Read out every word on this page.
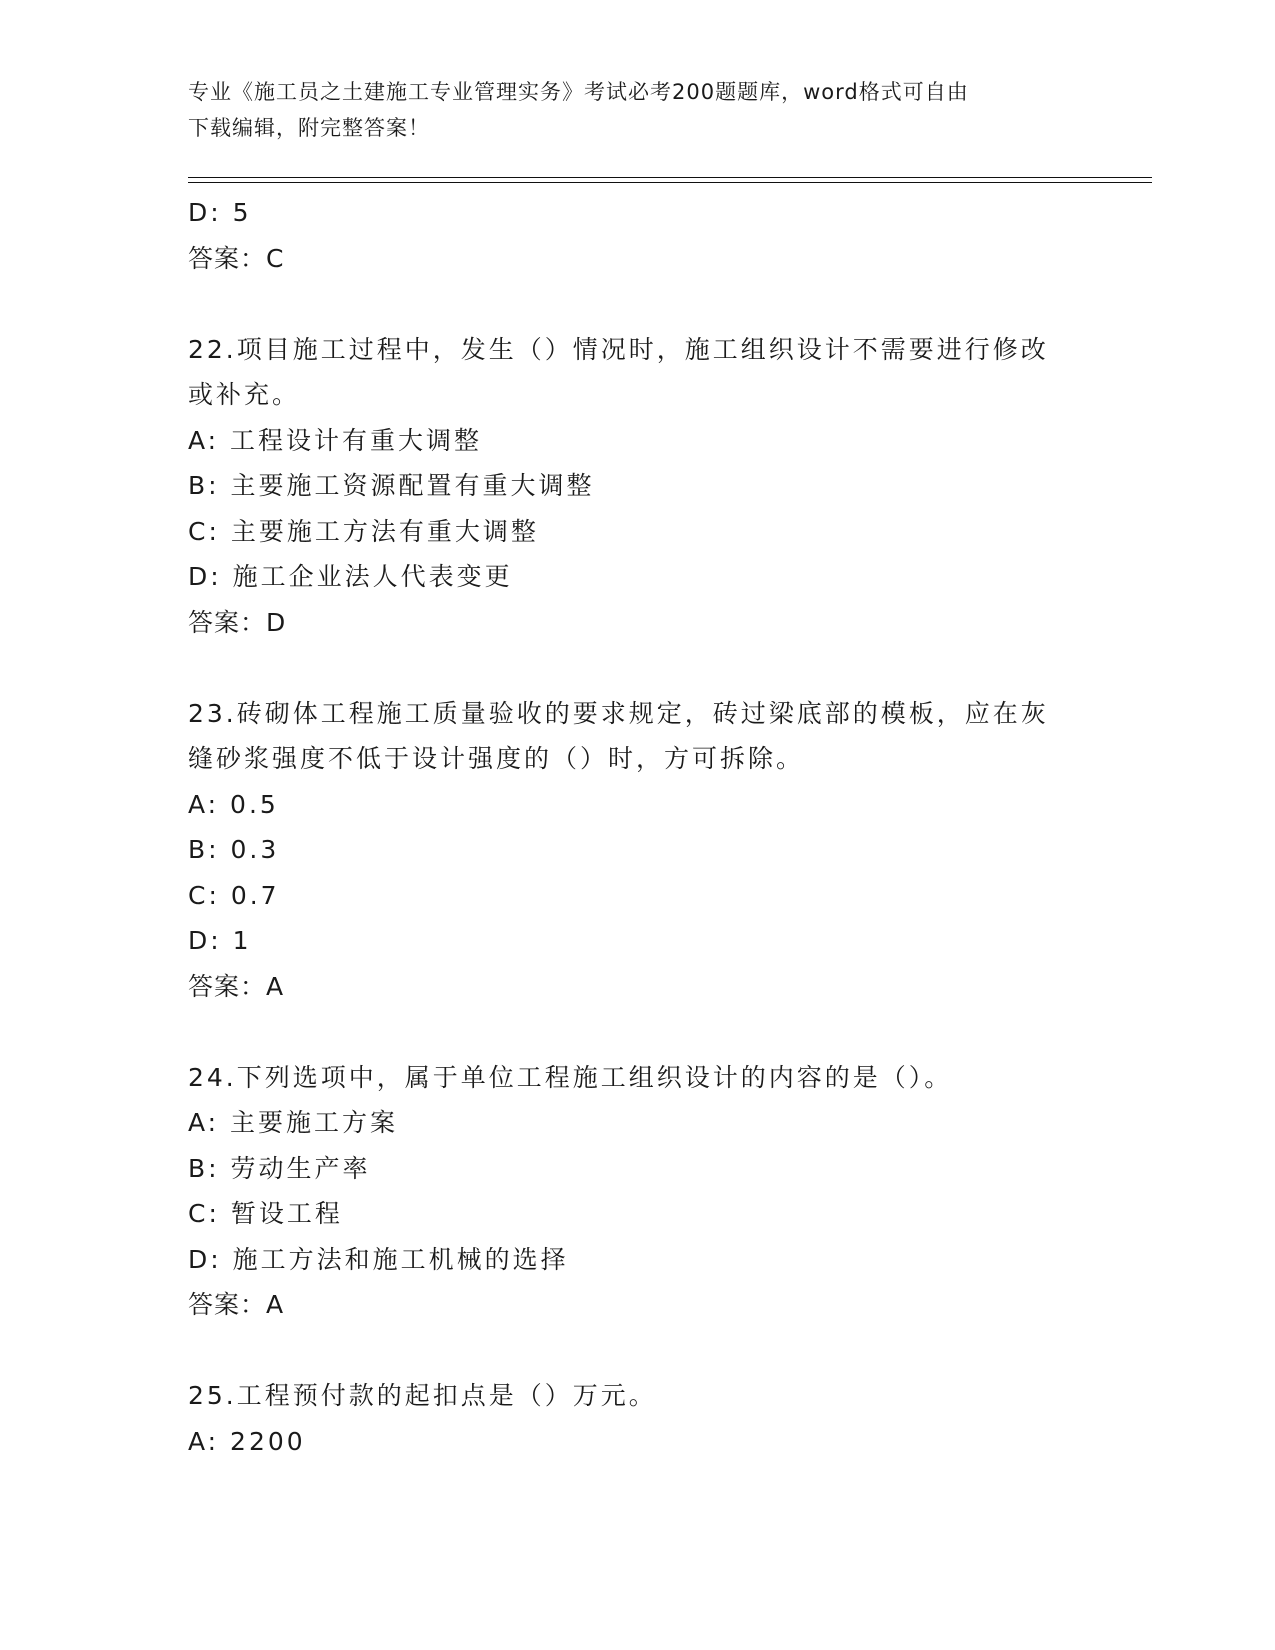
专业《施工员之土建施工专业管理实务》考试必考200题题库，word格式可自由
下载编辑，附完整答案！
D: 5
答案：C
22.项目施工过程中，发生（）情况时，施工组织设计不需要进行修改
或补充。
A: 工程设计有重大调整
B: 主要施工资源配置有重大调整
C: 主要施工方法有重大调整
D: 施工企业法人代表变更
答案：D
23.砖砌体工程施工质量验收的要求规定，砖过梁底部的模板，应在灰
缝砂浆强度不低于设计强度的（）时，方可拆除。
A: 0.5
B: 0.3
C: 0.7
D: 1
答案：A
24.下列选项中，属于单位工程施工组织设计的内容的是（）。
A: 主要施工方案
B: 劳动生产率
C: 暂设工程
D: 施工方法和施工机械的选择
答案：A
25.工程预付款的起扣点是（）万元。
A: 2200
